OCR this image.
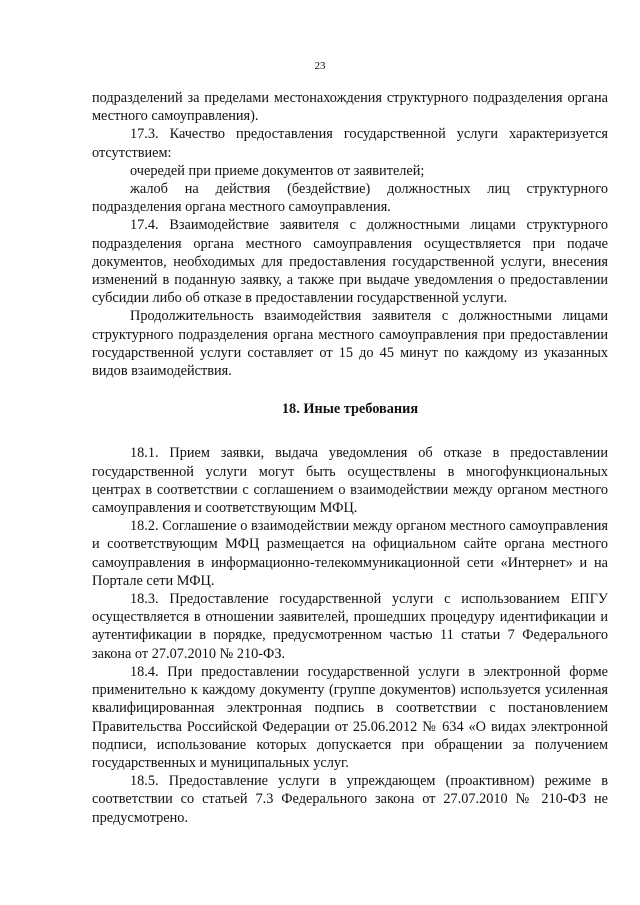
23

подразделений за пределами местонахождения структурного подразделения органа местного самоуправления).

17.3. Качество предоставления государственной услуги характеризуется отсутствием:

очередей при приеме документов от заявителей;

жалоб на действия (бездействие) должностных лиц структурного подразделения органа местного самоуправления.

17.4. Взаимодействие заявителя с должностными лицами структурного подразделения органа местного самоуправления осуществляется при подаче документов, необходимых для предоставления государственной услуги, внесения изменений в поданную заявку, а также при выдаче уведомления о предоставлении субсидии либо об отказе в предоставлении государственной услуги.

Продолжительность взаимодействия заявителя с должностными лицами структурного подразделения органа местного самоуправления при предоставлении государственной услуги составляет от 15 до 45 минут по каждому из указанных видов взаимодействия.

18. Иные требования

18.1. Прием заявки, выдача уведомления об отказе в предоставлении государственной услуги могут быть осуществлены в многофункциональных центрах в соответствии с соглашением о взаимодействии между органом местного самоуправления и соответствующим МФЦ.

18.2. Соглашение о взаимодействии между органом местного самоуправления и соответствующим МФЦ размещается на официальном сайте органа местного самоуправления в информационно-телекоммуникационной сети «Интернет» и на Портале сети МФЦ.

18.3. Предоставление государственной услуги с использованием ЕПГУ осуществляется в отношении заявителей, прошедших процедуру идентификации и аутентификации в порядке, предусмотренном частью 11 статьи 7 Федерального закона от 27.07.2010 № 210-ФЗ.

18.4. При предоставлении государственной услуги в электронной форме применительно к каждому документу (группе документов) используется усиленная квалифицированная электронная подпись в соответствии с постановлением Правительства Российской Федерации от 25.06.2012 № 634 «О видах электронной подписи, использование которых допускается при обращении за получением государственных и муниципальных услуг.

18.5. Предоставление услуги в упреждающем (проактивном) режиме в соответствии со статьей 7.3 Федерального закона от 27.07.2010 № 210-ФЗ не предусмотрено.
